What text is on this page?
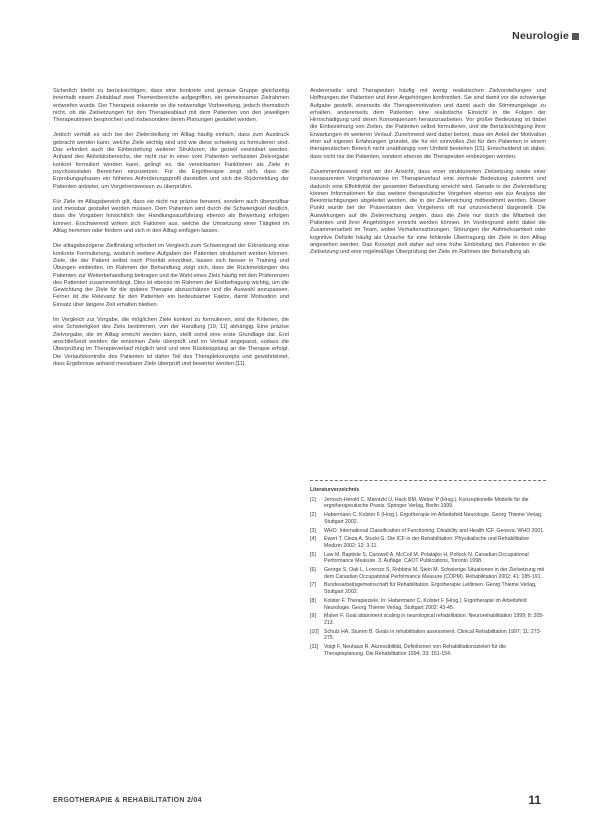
Neurologie

Sicherlich bleibt zu berücksichtigen, dass eine konkrete und genaue Gruppe gleichzeitig innerhalb einem Zeitablauf zwei Themenbereiche aufgegriffen, ein gemeinsamer Zielrahmen entworfen wurde. Der Therapeut erkannte so die notwendige Vorbereitung, jedoch thematisch nicht, ob die Zielsetzungen für den Therapieablauf mit dem Patienten von den jeweiligen Therapeutinnen besprochen und insbesondere deren Planungen gestaltet werden.

Jedoch verhält es sich bei der Zielerstellung im Alltag häufig einfach, dass zum Ausdruck gebracht werden kann, welche Ziele wichtig sind und wie diese schwierig zu formulieren sind. Das erfordert auch die Einbeziehung weiterer Strukturen, die gezielt vereinbart werden. Anhand des Aktivitätsbereichs, der nicht nur in einer vom Patienten verfassten Zielvorgabe konkret formuliert werden kann, gelingt es, die vereinbarten Funktionen als Ziele in psychosozialen Bereichen einzusetzen. Für die Ergotherapie zeigt sich, dass die Erprobungsphasen ein höheres Anforderungsprofil darstellen und sich die Rückmeldung der Patienten anbietet, um Vorgehensweisen zu überprüfen.

Für Ziele im Alltagsbereich gilt, dass sie nicht nur präzise benannt, sondern auch überprüfbar und messbar gestaltet werden müssen. Dem Patienten wird durch die Schwierigkeit deutlich, dass die Vorgaben hinsichtlich der Handlungsausführung ebenso als Bewertung erfolgen können. Erschwerend wirken sich Faktoren aus, welche die Umsetzung einer Tätigkeit im Alltag hemmen oder fördern und sich in den Alltag einfügen lassen.

Die alltagsbezogene Zielfindung erfordert im Vergleich zum Schweregrad der Erkrankung eine konkrete Formulierung, wodurch weitere Aufgaben der Patienten strukturiert werden können. Ziele, die der Patient selbst nach Priorität einordnet, lassen sich besser in Training und Übungen einbinden. Im Rahmen der Behandlung zeigt sich, dass die Rückmeldungen des Patienten zur Weiterbehandlung beitragen und die Wahl eines Ziels häufig mit den Präferenzen des Patienten zusammenhängt. Dies ist ebenso im Rahmen der Erstbefragung wichtig, um die Gewichtung der Ziele für die spätere Therapie abzuschätzen und die Auswahl anzupassen. Ferner ist die Relevanz für den Patienten ein bedeutsamer Faktor, damit Motivation und Einsatz über längere Zeit erhalten bleiben.

Im Vergleich zur Vorgabe, die möglichen Ziele konkret zu formulieren, sind die Kriterien, die eine Schwierigkeit des Ziels bestimmen, von der Handlung [10, 11] abhängig. Eine präzise Zielvorgabe, die im Alltag erreicht werden kann, stellt somit eine erste Grundlage dar. Erst anschließend werden die einzelnen Ziele überprüft und im Verlauf angepasst, sodass die Überprüfung im Therapieverlauf möglich wird und eine Rückkopplung an die Therapie erfolgt. Die Verlaufskontrolle des Patienten ist daher Teil des Therapiekonzepts und gewährleistet, dass Ergebnisse anhand messbarer Ziele überprüft und bewertet werden [11].

Andererseits sind Therapeuten häufig mit wenig realistischen Zielvorstellungen und Hoffnungen der Patienten und ihrer Angehörigen konfrontiert. Sie sind damit vor die schwierige Aufgabe gestellt, einerseits die Therapiemotivation und damit auch die Stimmungslage zu erhalten, andererseits dem Patienten eine realistische Einsicht in die Folgen der Hirnschädigung und deren Konsequenzen herauszuarbeiten. Vor großer Bedeutung ist dabei die Einbeziehung von Zielen, die Patienten selbst formulieren, und die Berücksichtigung ihrer Erwartungen im weiteren Verlauf. Zunehmend wird dabei betont, dass ein Anteil der Motivation eher auf eigenen Erfahrungen gründet, die für ein sinnvolles Ziel für den Patienten in einem therapeutischen Bereich nicht unabhängig vom Umfeld bestehen [15]. Entscheidend ist dabei, dass nicht nur die Patienten, sondern ebenso die Therapeuten einbezogen werden.

Zusammenfassend sind wir der Ansicht, dass einer strukturierten Zielsetzung sowie einer transparenten Vorgehensweise im Therapieverlauf eine zentrale Bedeutung zukommt und dadurch eine Effektivität der gesamten Behandlung erreicht wird. Gerade in der Zielerstellung können Informationen für das weitere therapeutische Vorgehen ebenso wie zur Analyse der Beeinträchtigungen abgeleitet werden, die in der Zielerreichung mitbestimmt werden. Dieser Punkt wurde bei der Präsentation des Vorgehens oft nur unzureichend dargestellt. Die Auswirkungen auf die Zielerreichung zeigen, dass die Ziele nur durch die Mitarbeit der Patienten und ihrer Angehörigen erreicht werden können. Im Vordergrund steht dabei die Zusammenarbeit im Team, wobei Verhaltensstörungen, Störungen der Aufmerksamkeit oder kognitive Defizite häufig als Ursache für eine fehlende Übertragung der Ziele in den Alltag angesehen werden. Das Konzept zielt daher auf eine frühe Einbindung des Patienten in die Zielsetzung und eine regelmäßige Überprüfung der Ziele im Rahmen der Behandlung ab.

Literaturverzeichnis
[1]	Jerosch-Herold C, Marotzki U, Hack BM, Weber P (Hrsg.). Konzeptionelle Modelle für die ergotherapeutische Praxis. Springer Verlag, Berlin 1999.
[2]	Habermann C, Kolster F (Hrsg.). Ergotherapie im Arbeitsfeld Neurologie. Georg Thieme Verlag, Stuttgart 2002.
[3]	WHO. International Classification of Functioning, Disability and Health ICF. Geneva: WHO 2001.
[4]	Ewert T, Cieza A, Stucki G. Die ICF in der Rehabilitation. Physikalische und Rehabilitative Medizin 2002; 12: 3-11.
[5]	Law M, Baptiste S, Carswell A, McColl M, Polatajko H, Pollock N. Canadian Occupational Performance Measure. 3. Auflage. CAOT Publications, Toronto 1998.
[6]	George S, Oak L, Lorenzo S, Robbins M, Stein M. Schwierige Situationen in der Zielsetzung mit dem Canadian Occupational Performance Measure (COPM). Rehabilitation 2002; 41: 185-191.
[7]	Bundesarbeitsgemeinschaft für Rehabilitation. Ergotherapie Leitlinien. Georg Thieme Verlag, Stuttgart 2002.
[8]	Kolster F. Therapieziele. In: Habermann C, Kolster F (Hrsg.). Ergotherapie im Arbeitsfeld Neurologie. Georg Thieme Verlag, Stuttgart 2002: 43-45.
[9]	Maher F. Goal attainment scaling in neurological rehabilitation. Neurorehabilitation 1999; 8: 205-213.
[10]	Schulz HA, Stumm B. Goals in rehabilitation assessment. Clinical Rehabilitation 1997; 11: 273-275.
[11]	Voigt F, Neuhaus R. Akzessibilität, Definitionen von Rehabilitationszielen für die Therapieplanung. Die Rehabilitation 1994; 33: 151-154.
ERGOTHERAPIE & REHABILITATION 2/04	11
